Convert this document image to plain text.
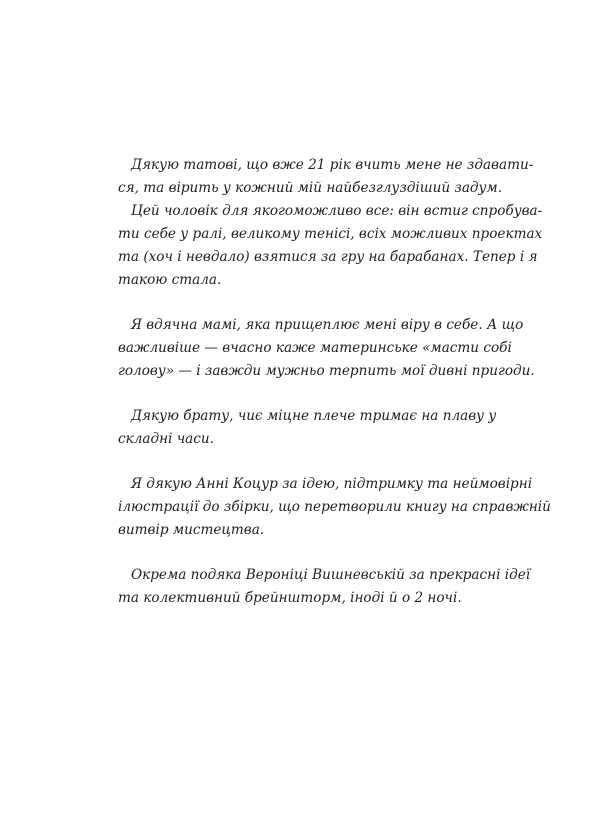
Дякую татові, що вже 21 рік вчить мене не здавати-
ся, та вірить у кожний мій найбезглуздіший задум.

Цей чоловік для якогоможливо все: він встиг спробува-
ти себе у ралі, великому тенісі, всіх можливих проектах
та (хоч і невдало) взятися за гру на барабанах. Тепер і я
такою стала.

Я вдячна мамі, яка прищеплює мені віру в себе. А що
важливіше — вчасно каже материнське «масти собі
голову» — і завжди мужньо терпить мої дивні пригоди.

Дякую брату, чиє міцне плече тримає на плаву у
складні часи.

Я дякую Анні Коцур за ідею, підтримку та неймовірні
ілюстрації до збірки, що перетворили книгу на справжній
витвір мистецтва.

Окрема подяка Вероніці Вишневській за прекрасні ідеї
та колективний брейншторм, іноді й о 2 ночі.
